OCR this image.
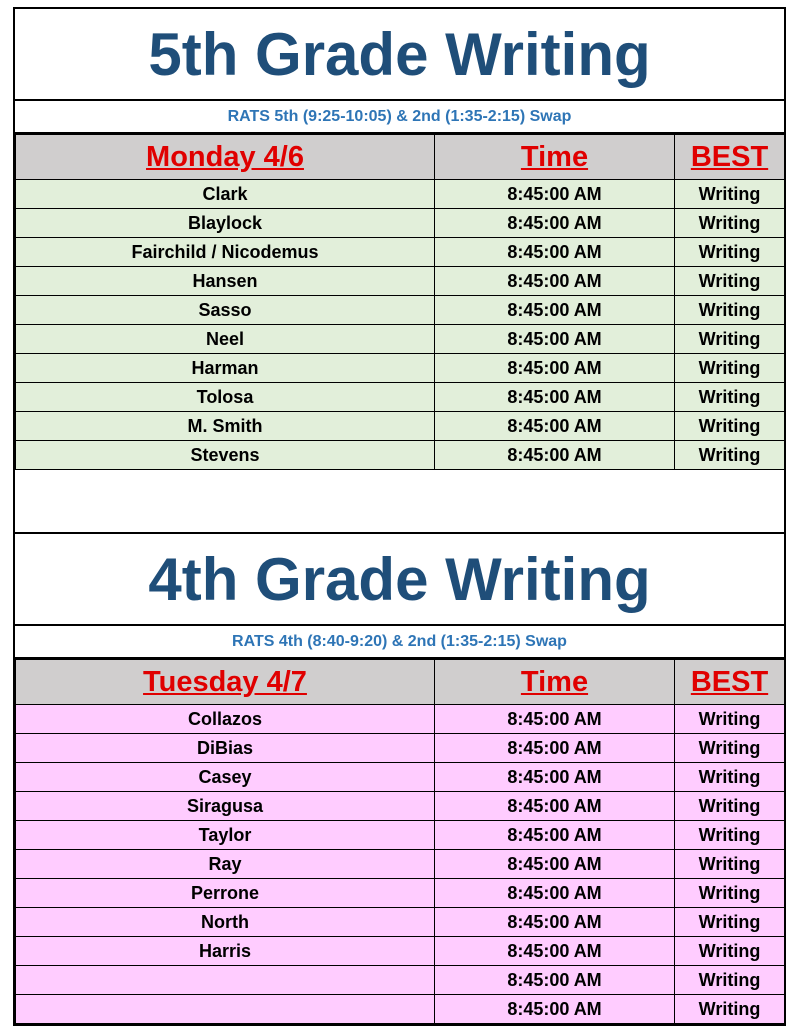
5th Grade Writing
RATS 5th (9:25-10:05) & 2nd (1:35-2:15) Swap
Monday 4/6	Time	BEST
Clark	8:45:00 AM	Writing
Blaylock	8:45:00 AM	Writing
Fairchild / Nicodemus	8:45:00 AM	Writing
Hansen	8:45:00 AM	Writing
Sasso	8:45:00 AM	Writing
Neel	8:45:00 AM	Writing
Harman	8:45:00 AM	Writing
Tolosa	8:45:00 AM	Writing
M. Smith	8:45:00 AM	Writing
Stevens	8:45:00 AM	Writing
4th Grade Writing
RATS 4th (8:40-9:20) & 2nd (1:35-2:15) Swap
Tuesday 4/7	Time	BEST
Collazos	8:45:00 AM	Writing
DiBias	8:45:00 AM	Writing
Casey	8:45:00 AM	Writing
Siragusa	8:45:00 AM	Writing
Taylor	8:45:00 AM	Writing
Ray	8:45:00 AM	Writing
Perrone	8:45:00 AM	Writing
North	8:45:00 AM	Writing
Harris	8:45:00 AM	Writing
	8:45:00 AM	Writing
	8:45:00 AM	Writing
